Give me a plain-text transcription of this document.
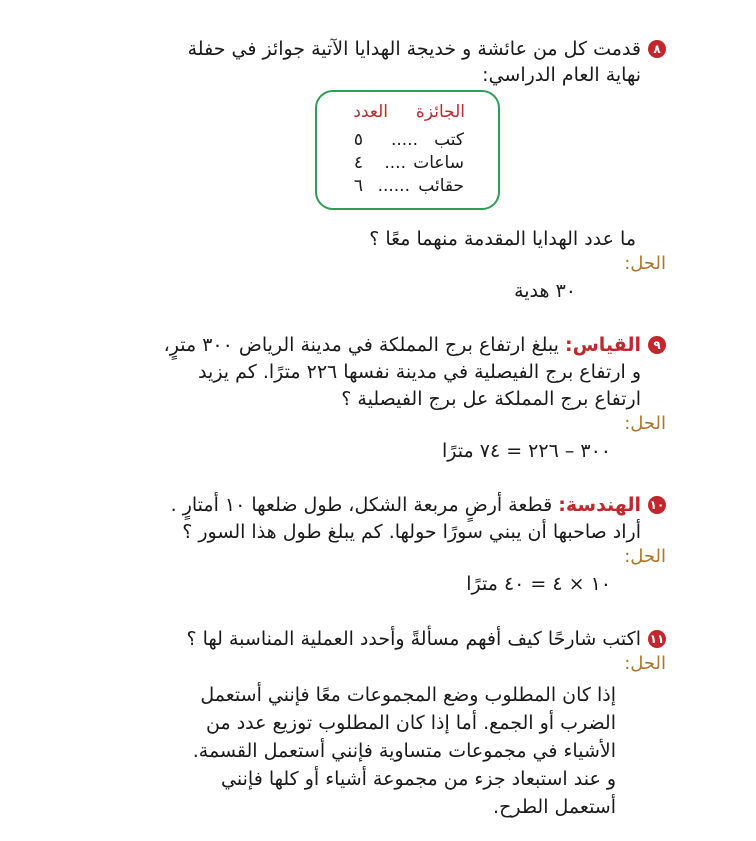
٨
قدمت كل من عائشة و خديجة الهدايا الآتية جوائز في حفلة
نهاية العام الدراسي:
الجائزة
العدد
كتب
.....
٥
ساعات
....
٤
حقائب
......
٦
ما عدد الهدايا المقدمة منهما معًا ؟
الحل:
٣٠ هدية
٩
القياس: يبلغ ارتفاع برج المملكة في مدينة الرياض ٣٠٠ مترٍ،
و ارتفاع برج الفيصلية في مدينة نفسها ٢٢٦ مترًا. كم يزيد
ارتفاع برج المملكة عل برج الفيصلية ؟
الحل:
٣٠٠ – ٢٢٦ = ٧٤ مترًا
١٠
الهندسة: قطعة أرضٍ مربعة الشكل، طول ضلعها ١٠ أمتارٍ .
أراد صاحبها أن يبني سورًا حولها. كم يبلغ طول هذا السور ؟
الحل:
١٠ × ٤ = ٤٠ مترًا
١١
اكتب شارحًا كيف أفهم مسألةً وأحدد العملية المناسبة لها ؟
الحل:
إذا كان المطلوب وضع المجموعات معًا فإنني أستعمل
الضرب أو الجمع. أما إذا كان المطلوب توزيع عدد من
الأشياء في مجموعات متساوية فإنني أستعمل القسمة.
و عند استبعاد جزء من مجموعة أشياء أو كلها فإنني
أستعمل الطرح.
